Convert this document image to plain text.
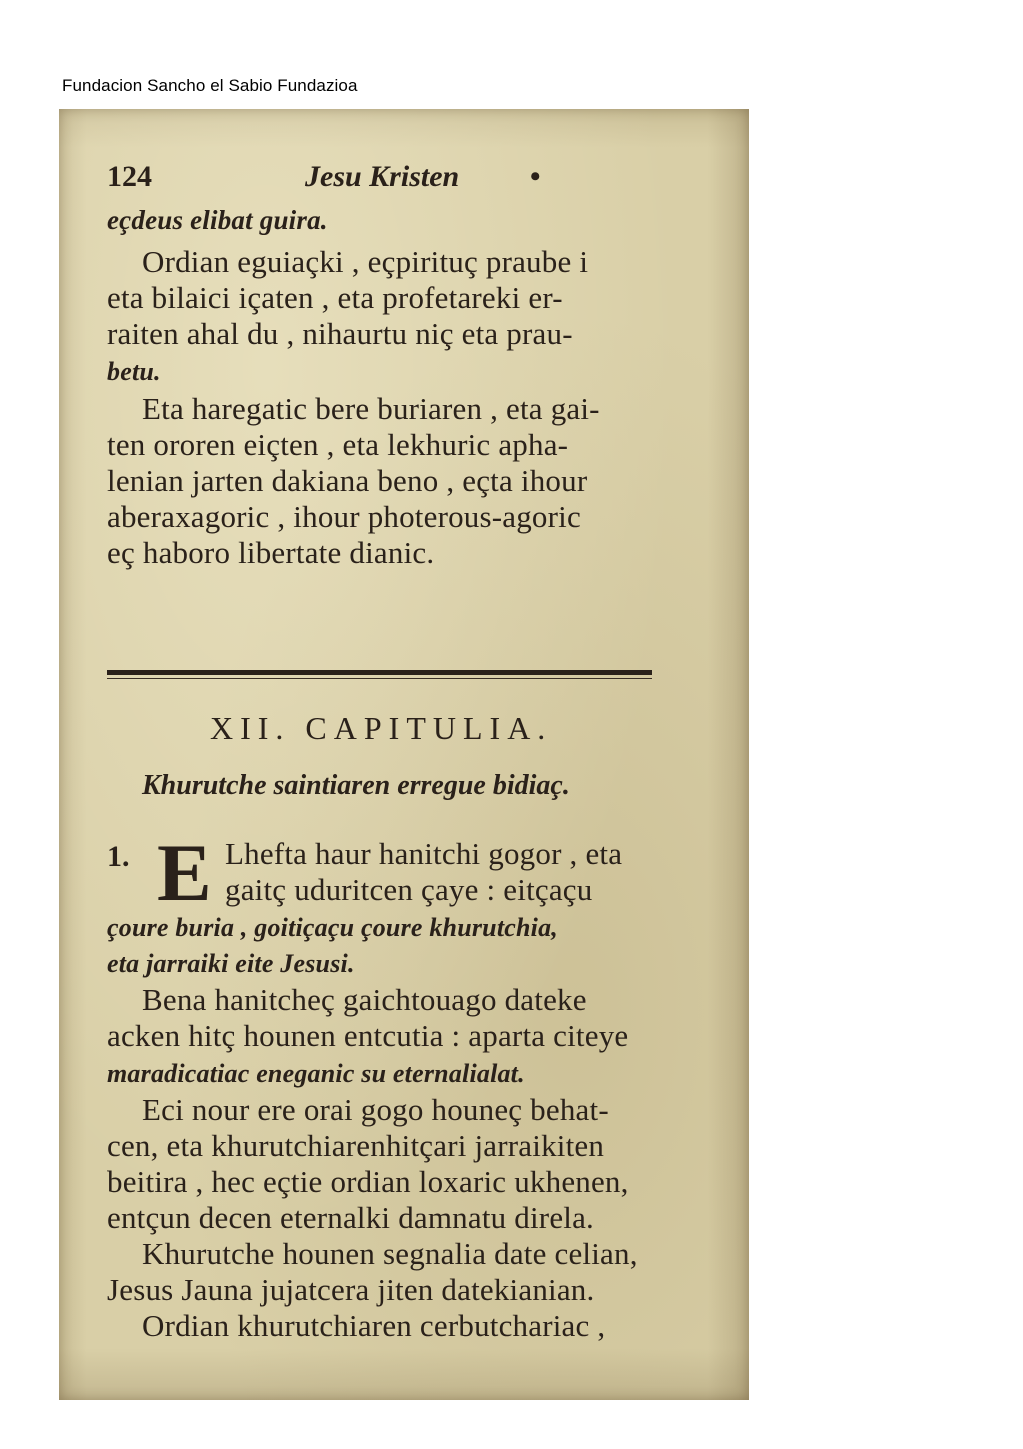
Fundacion Sancho el Sabio Fundazioa
124	Jesu Kristen •
eçdeus elibat guira.
Ordian eguiaçki , eçpirituç praube i
eta bilaici içaten , eta profetareki er-
raiten ahal du , nihaurtu niç eta prau-
betu.
Eta haregatic bere buriaren , eta gai-
ten ororen eiçten , eta lekhuric apha-
lenian jarten dakiana beno , eçta ihour
aberaxagoric , ihour photerous-agoric
eç haboro libertate dianic.
XII. CAPITULIA.
Khurutche saintiaren erregue bidiaç.
1. E Lhefta haur hanitchi gogor , eta
gaitç uduritcen çaye : eitçaçu
çoure buria , goitiçaçu çoure khurutchia,
eta jarraiki eite Jesusi.
Bena hanitcheç gaichtouago dateke
acken hitç hounen entcutia : aparta citeye
maradicatiac eneganic su eternalialat.
Eci nour ere orai gogo houneç behat-
cen, eta khurutchiarenhitçari jarraikiten
beitira , hec eçtie ordian loxaric ukhenen,
entçun decen eternalki damnatu direla.
Khurutche hounen segnalia date celian,
Jesus Jauna jujatcera jiten datekianian.
Ordian khurutchiaren cerbutchariac ,
